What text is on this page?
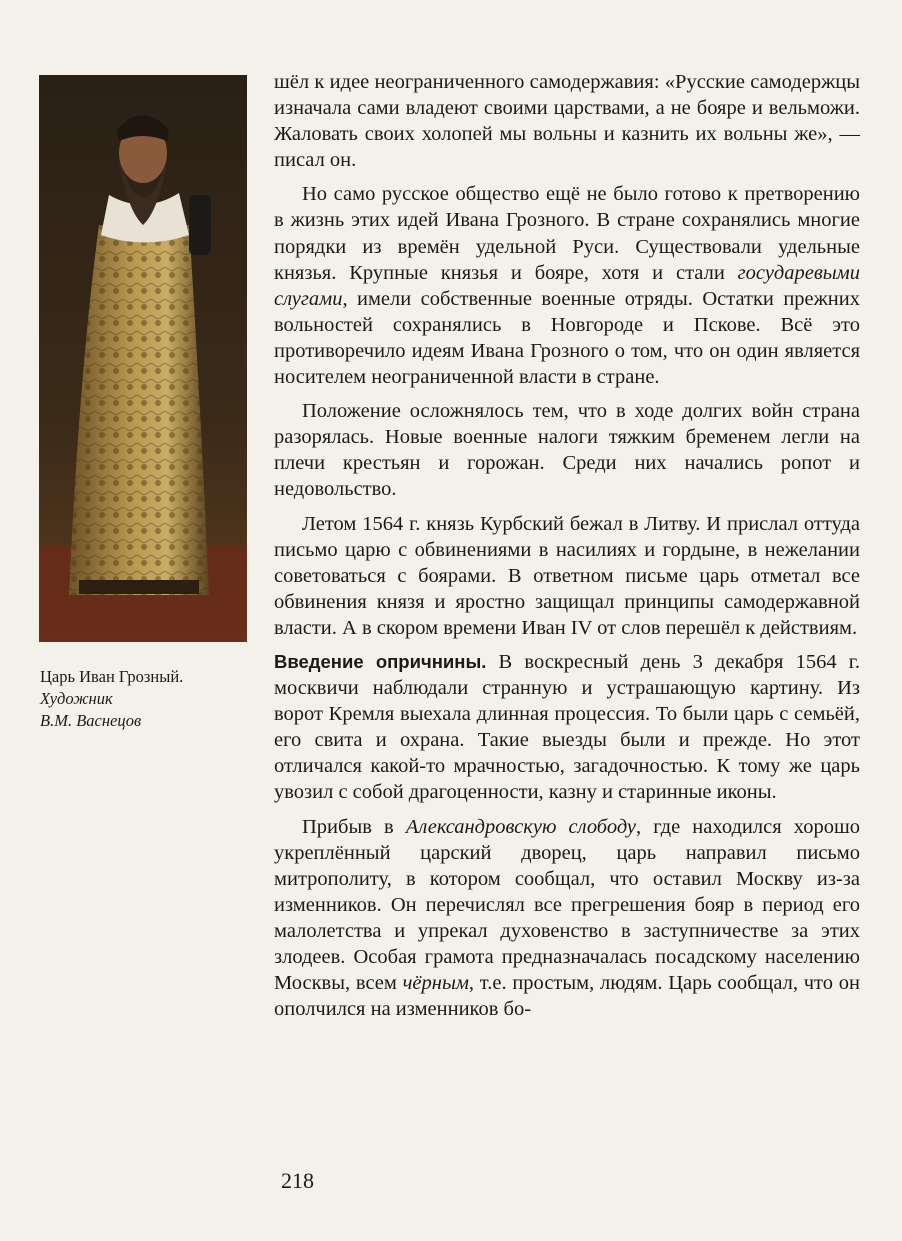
Царь Иван Грозный.
Художник
В.М. Васнецов

шёл к идее неограниченного самодержавия: «Русские самодержцы изначала сами владеют своими царствами, а не бояре и вельможи. Жаловать своих холопей мы вольны и казнить их вольны же», — писал он.

Но само русское общество ещё не было готово к претворению в жизнь этих идей Ивана Грозного. В стране сохранялись многие порядки из времён удельной Руси. Существовали удельные князья. Крупные князья и бояре, хотя и стали государевыми слугами, имели собственные военные отряды. Остатки прежних вольностей сохранялись в Новгороде и Пскове. Всё это противоречило идеям Ивана Грозного о том, что он один является носителем неограниченной власти в стране.

Положение осложнялось тем, что в ходе долгих войн страна разорялась. Новые военные налоги тяжким бременем легли на плечи крестьян и горожан. Среди них начались ропот и недовольство.

Летом 1564 г. князь Курбский бежал в Литву. И прислал оттуда письмо царю с обвинениями в насилиях и гордыне, в нежелании советоваться с боярами. В ответном письме царь отметал все обвинения князя и яростно защищал принципы самодержавной власти. А в скором времени Иван IV от слов перешёл к действиям.

Введение опричнины. В воскресный день 3 декабря 1564 г. москвичи наблюдали странную и устрашающую картину. Из ворот Кремля выехала длинная процессия. То были царь с семьёй, его свита и охрана. Такие выезды были и прежде. Но этот отличался какой-то мрачностью, загадочностью. К тому же царь увозил с собой драгоценности, казну и старинные иконы.

Прибыв в Александровскую слободу, где находился хорошо укреплённый царский дворец, царь направил письмо митрополиту, в котором сообщал, что оставил Москву из-за изменников. Он перечислял все прегрешения бояр в период его малолетства и упрекал духовенство в заступничестве за этих злодеев. Особая грамота предназначалась посадскому населению Москвы, всем чёрным, т.е. простым, людям. Царь сообщал, что он ополчился на изменников бо-

218
